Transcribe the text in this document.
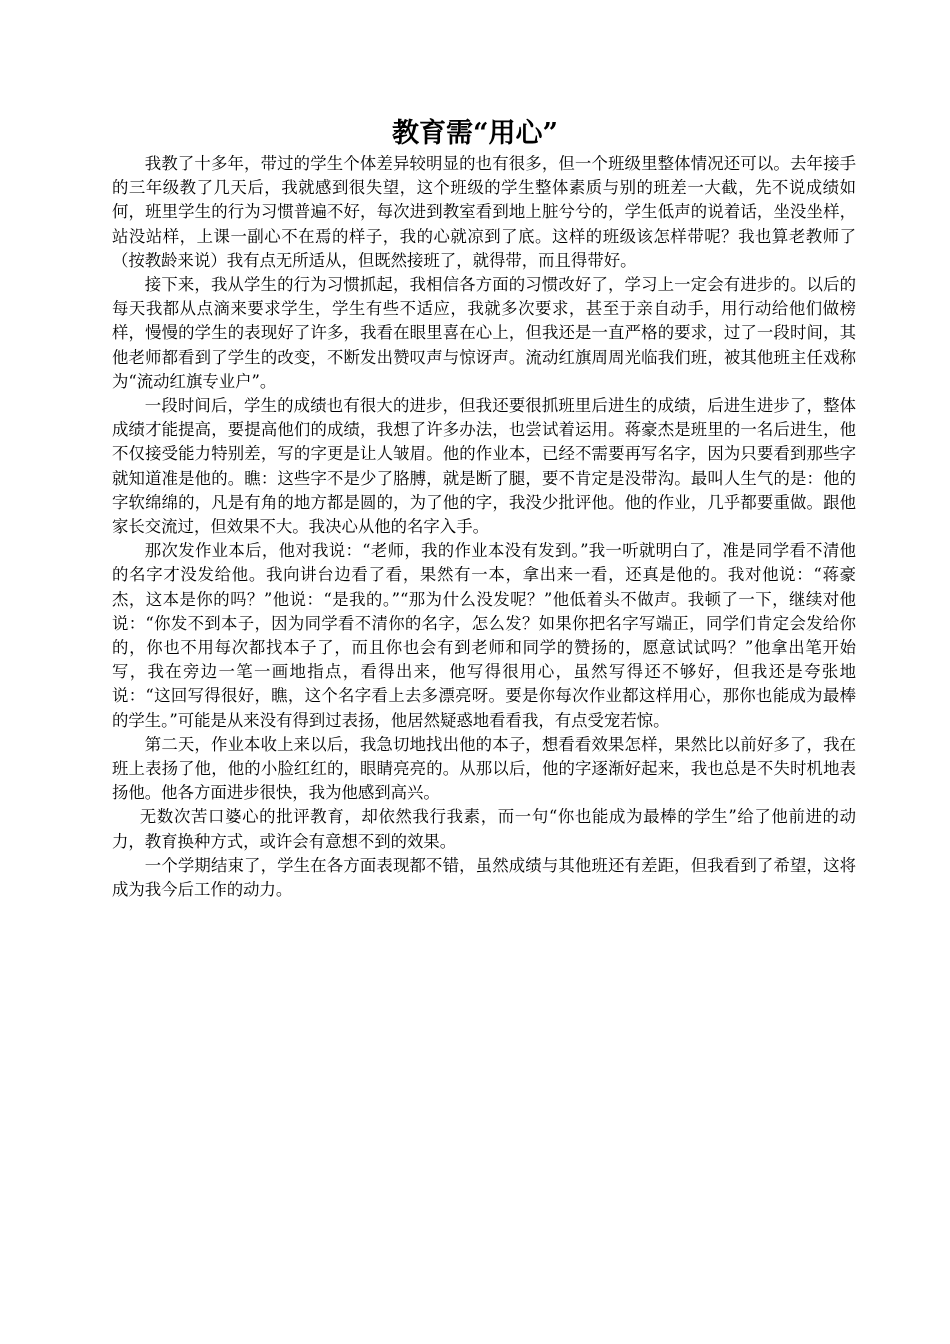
教育需“用心”

我教了十多年，带过的学生个体差异较明显的也有很多，但一个班级里整体情况还可以。去年接手的三年级教了几天后，我就感到很失望，这个班级的学生整体素质与别的班差一大截，先不说成绩如何，班里学生的行为习惯普遍不好，每次进到教室看到地上脏兮兮的，学生低声的说着话，坐没坐样，站没站样，上课一副心不在焉的样子，我的心就凉到了底。这样的班级该怎样带呢？我也算老教师了（按教龄来说）我有点无所适从，但既然接班了，就得带，而且得带好。

接下来，我从学生的行为习惯抓起，我相信各方面的习惯改好了，学习上一定会有进步的。以后的每天我都从点滴来要求学生，学生有些不适应，我就多次要求，甚至于亲自动手，用行动给他们做榜样，慢慢的学生的表现好了许多，我看在眼里喜在心上，但我还是一直严格的要求，过了一段时间，其他老师都看到了学生的改变，不断发出赞叹声与惊讶声。流动红旗周周光临我们班，被其他班主任戏称为“流动红旗专业户”。

一段时间后，学生的成绩也有很大的进步，但我还要很抓班里后进生的成绩，后进生进步了，整体成绩才能提高，要提高他们的成绩，我想了许多办法，也尝试着运用。蒋豪杰是班里的一名后进生，他不仅接受能力特别差，写的字更是让人皱眉。他的作业本，已经不需要再写名字，因为只要看到那些字就知道准是他的。瞧：这些字不是少了胳膊，就是断了腿，要不肯定是没带沟。最叫人生气的是：他的字软绵绵的，凡是有角的地方都是圆的，为了他的字，我没少批评他。他的作业，几乎都要重做。跟他家长交流过，但效果不大。我决心从他的名字入手。

那次发作业本后，他对我说：“老师，我的作业本没有发到。”我一听就明白了，准是同学看不清他的名字才没发给他。我向讲台边看了看，果然有一本，拿出来一看，还真是他的。我对他说：“蒋豪杰，这本是你的吗？”他说：“是我的。”“那为什么没发呢？”他低着头不做声。我顿了一下，继续对他说：“你发不到本子，因为同学看不清你的名字，怎么发？如果你把名字写端正，同学们肯定会发给你的，你也不用每次都找本子了，而且你也会有到老师和同学的赞扬的，愿意试试吗？”他拿出笔开始写，我在旁边一笔一画地指点，看得出来，他写得很用心，虽然写得还不够好，但我还是夸张地说：“这回写得很好，瞧，这个名字看上去多漂亮呀。要是你每次作业都这样用心，那你也能成为最棒的学生。”可能是从来没有得到过表扬，他居然疑惑地看看我，有点受宠若惊。

第二天，作业本收上来以后，我急切地找出他的本子，想看看效果怎样，果然比以前好多了，我在班上表扬了他，他的小脸红红的，眼睛亮亮的。从那以后，他的字逐渐好起来，我也总是不失时机地表扬他。他各方面进步很快，我为他感到高兴。

无数次苦口婆心的批评教育，却依然我行我素，而一句“你也能成为最棒的学生”给了他前进的动力，教育换种方式，或许会有意想不到的效果。

一个学期结束了，学生在各方面表现都不错，虽然成绩与其他班还有差距，但我看到了希望，这将成为我今后工作的动力。
